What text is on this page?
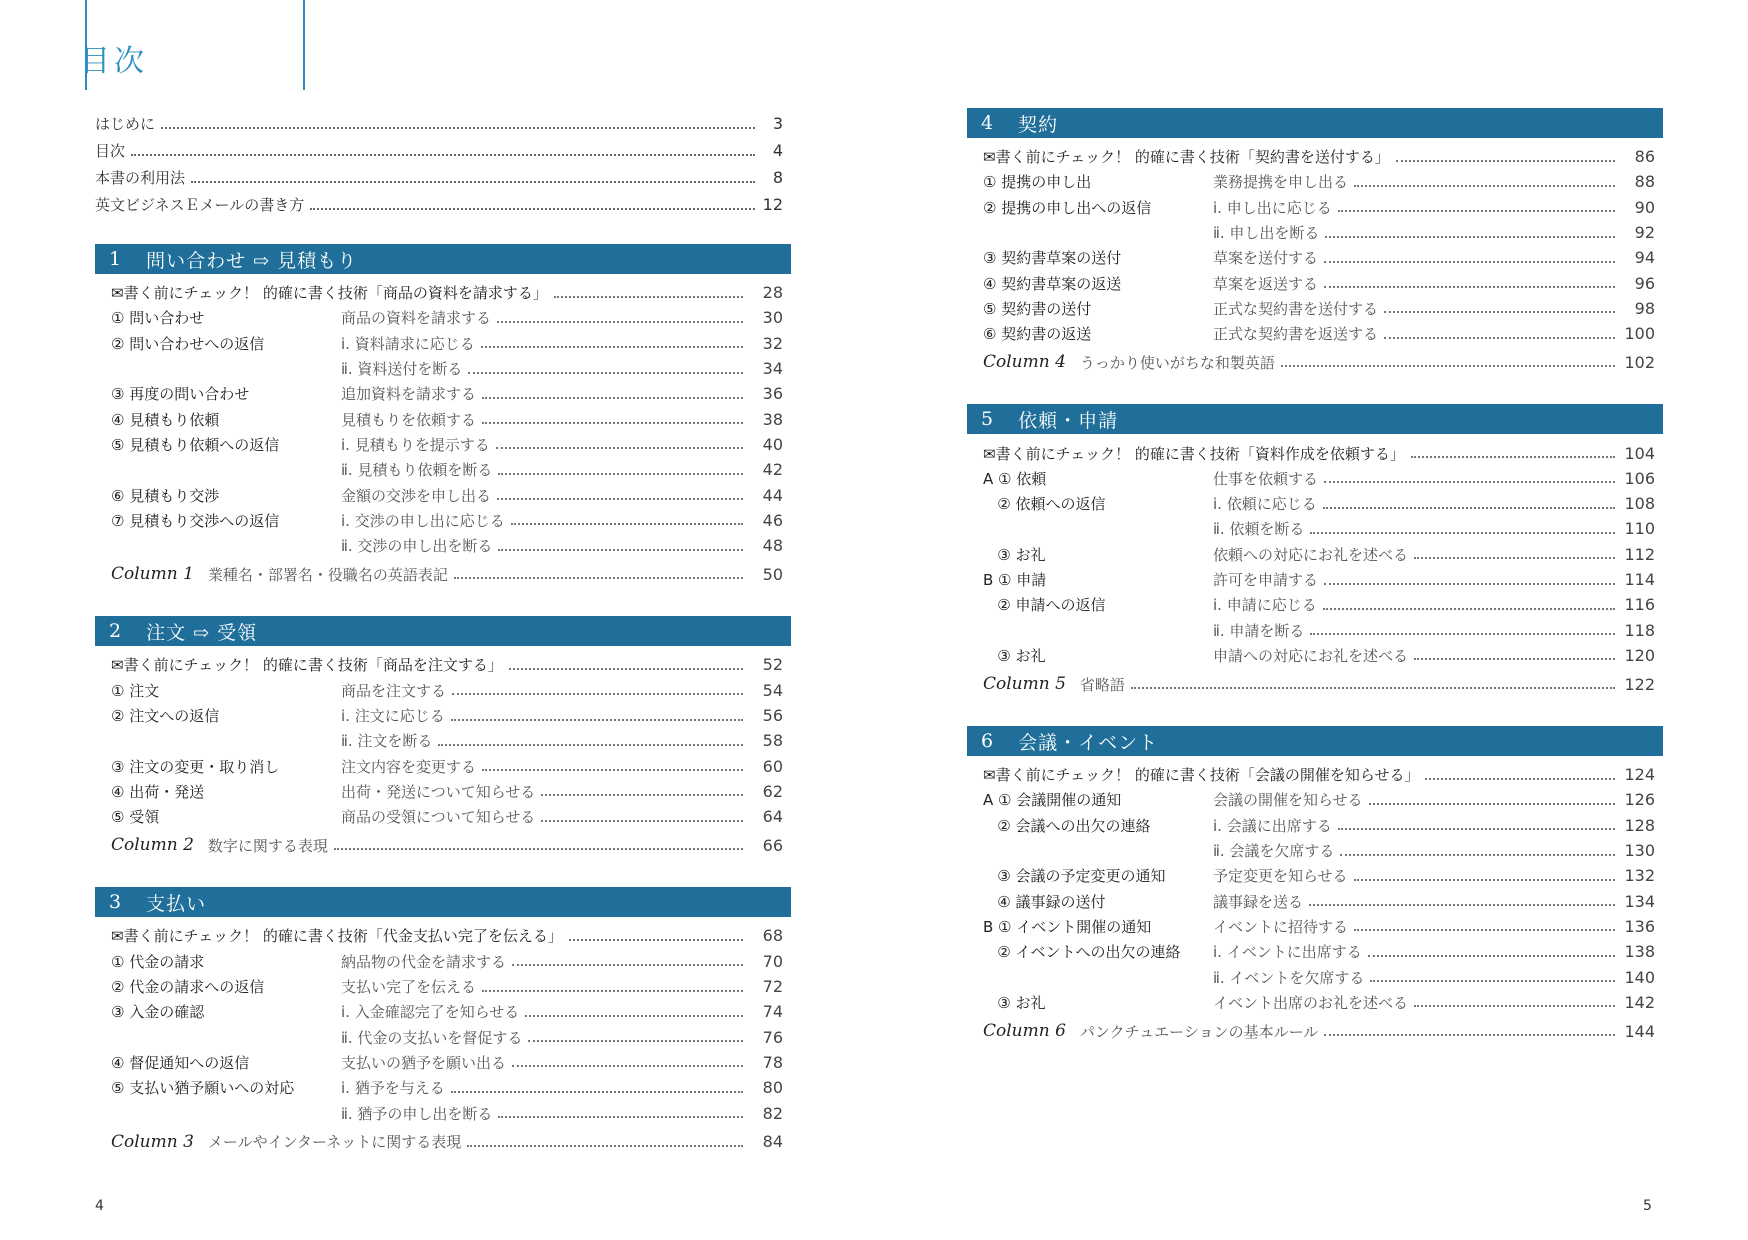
目次
はじめに	3
目次	4
本書の利用法	8
英文ビジネスＥメールの書き方	12
1 問い合わせ ⇨ 見積もり
✉書く前にチェック！ 的確に書く技術「商品の資料を請求する」	28
① 問い合わせ	商品の資料を請求する	30
② 問い合わせへの返信	ⅰ. 資料請求に応じる	32
ⅱ. 資料送付を断る	34
③ 再度の問い合わせ	追加資料を請求する	36
④ 見積もり依頼	見積もりを依頼する	38
⑤ 見積もり依頼への返信	ⅰ. 見積もりを提示する	40
ⅱ. 見積もり依頼を断る	42
⑥ 見積もり交渉	金額の交渉を申し出る	44
⑦ 見積もり交渉への返信	ⅰ. 交渉の申し出に応じる	46
ⅱ. 交渉の申し出を断る	48
Column 1 業種名・部署名・役職名の英語表記	50
2 注文 ⇨ 受領
✉書く前にチェック！ 的確に書く技術「商品を注文する」	52
① 注文	商品を注文する	54
② 注文への返信	ⅰ. 注文に応じる	56
ⅱ. 注文を断る	58
③ 注文の変更・取り消し	注文内容を変更する	60
④ 出荷・発送	出荷・発送について知らせる	62
⑤ 受領	商品の受領について知らせる	64
Column 2 数字に関する表現	66
3 支払い
✉書く前にチェック！ 的確に書く技術「代金支払い完了を伝える」	68
① 代金の請求	納品物の代金を請求する	70
② 代金の請求への返信	支払い完了を伝える	72
③ 入金の確認	ⅰ. 入金確認完了を知らせる	74
ⅱ. 代金の支払いを督促する	76
④ 督促通知への返信	支払いの猶予を願い出る	78
⑤ 支払い猶予願いへの対応	ⅰ. 猶予を与える	80
ⅱ. 猶予の申し出を断る	82
Column 3 メールやインターネットに関する表現	84
4 契約
✉書く前にチェック！ 的確に書く技術「契約書を送付する」	86
① 提携の申し出	業務提携を申し出る	88
② 提携の申し出への返信	ⅰ. 申し出に応じる	90
ⅱ. 申し出を断る	92
③ 契約書草案の送付	草案を送付する	94
④ 契約書草案の返送	草案を返送する	96
⑤ 契約書の送付	正式な契約書を送付する	98
⑥ 契約書の返送	正式な契約書を返送する	100
Column 4 うっかり使いがちな和製英語	102
5 依頼・申請
✉書く前にチェック！ 的確に書く技術「資料作成を依頼する」	104
A ① 依頼	仕事を依頼する	106
② 依頼への返信	ⅰ. 依頼に応じる	108
ⅱ. 依頼を断る	110
③ お礼	依頼への対応にお礼を述べる	112
B ① 申請	許可を申請する	114
② 申請への返信	ⅰ. 申請に応じる	116
ⅱ. 申請を断る	118
③ お礼	申請への対応にお礼を述べる	120
Column 5 省略語	122
6 会議・イベント
✉書く前にチェック！ 的確に書く技術「会議の開催を知らせる」	124
A ① 会議開催の通知	会議の開催を知らせる	126
② 会議への出欠の連絡	ⅰ. 会議に出席する	128
ⅱ. 会議を欠席する	130
③ 会議の予定変更の通知	予定変更を知らせる	132
④ 議事録の送付	議事録を送る	134
B ① イベント開催の通知	イベントに招待する	136
② イベントへの出欠の連絡	ⅰ. イベントに出席する	138
ⅱ. イベントを欠席する	140
③ お礼	イベント出席のお礼を述べる	142
Column 6 パンクチュエーションの基本ルール	144
4	5
